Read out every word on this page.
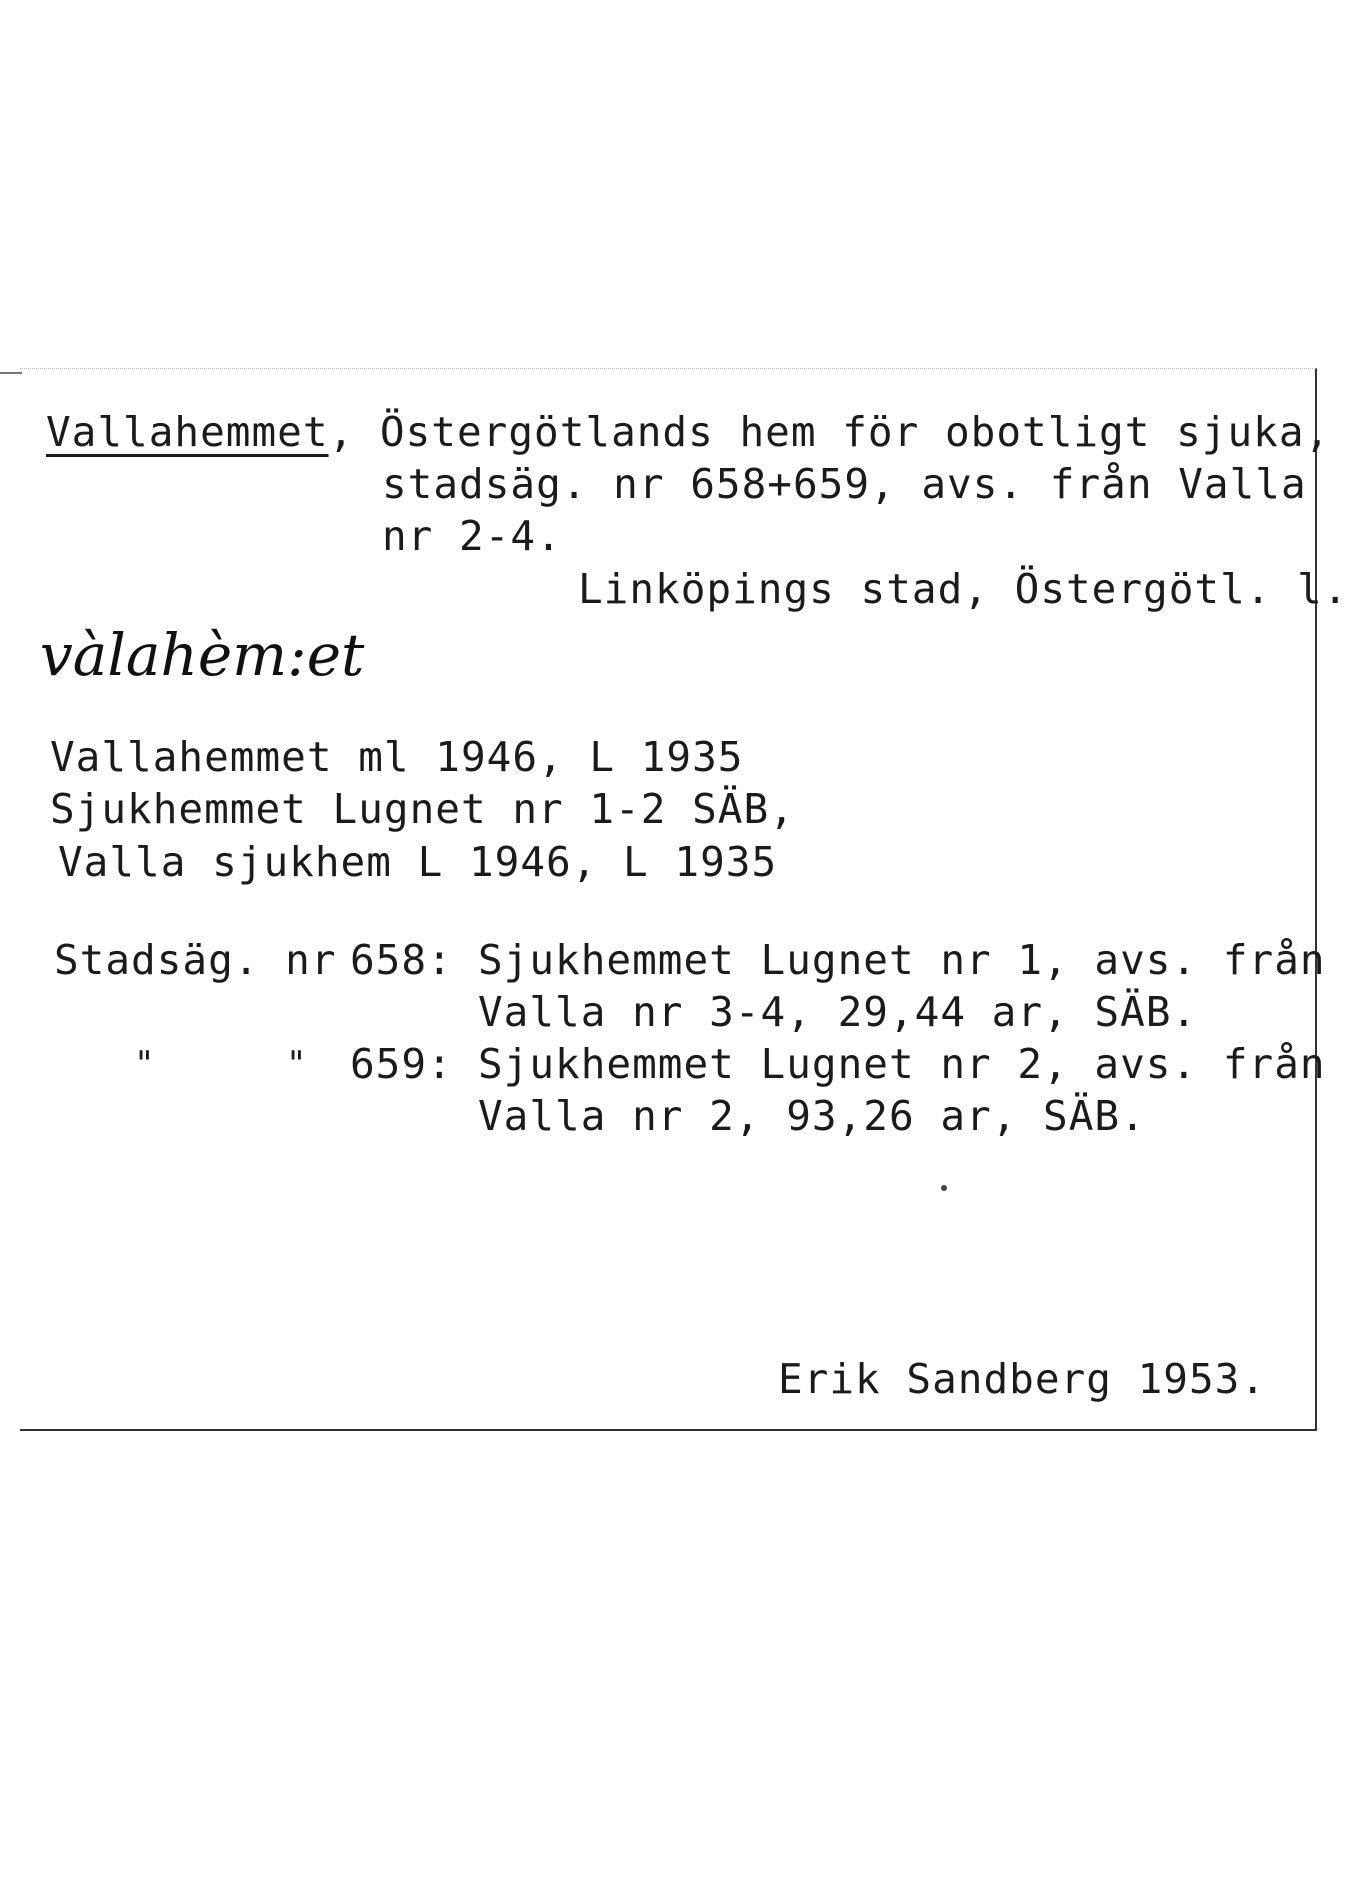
Vallahemmet, Östergötlands hem för obotligt sjuka,
stadsäg. nr 658+659, avs. från Valla
nr 2-4.
Linköpings stad, Östergötl. l.
vàlahèm:et
Vallahemmet ml 1946, L 1935
Sjukhemmet Lugnet nr 1-2 SÄB,
Valla sjukhem L 1946, L 1935
Stadsäg. nr 658: Sjukhemmet Lugnet nr 1, avs. från
Valla nr 3-4, 29,44 ar, SÄB.
"	" 659: Sjukhemmet Lugnet nr 2, avs. från
Valla nr 2, 93,26 ar, SÄB.
Erik Sandberg 1953.
